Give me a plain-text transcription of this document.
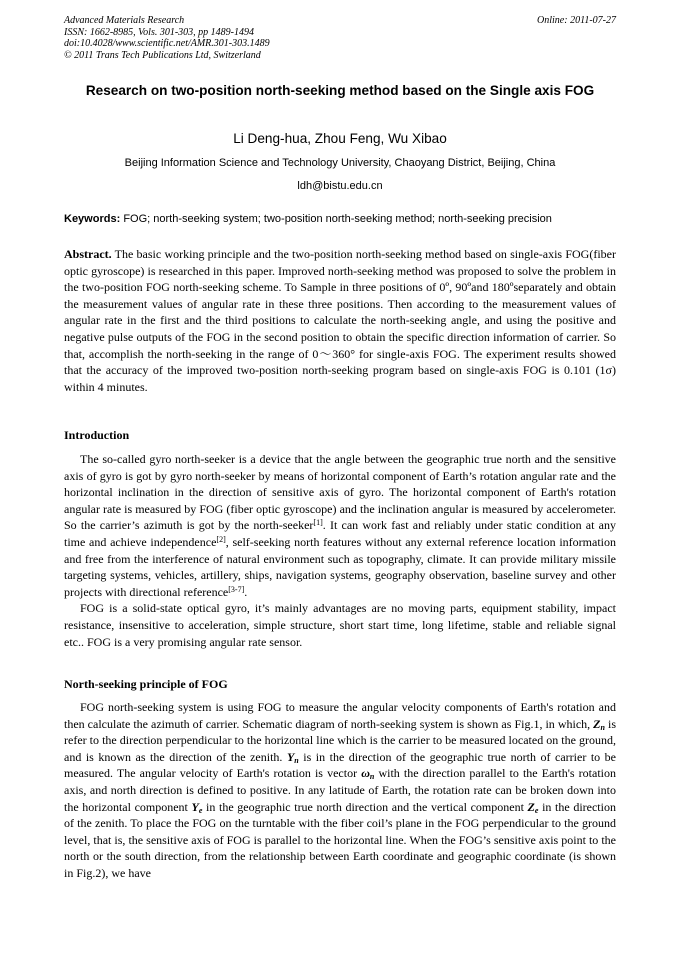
Advanced Materials Research
ISSN: 1662-8985, Vols. 301-303, pp 1489-1494
doi:10.4028/www.scientific.net/AMR.301-303.1489
© 2011 Trans Tech Publications Ltd, Switzerland
Online: 2011-07-27
Research on two-position north-seeking method based on the Single axis FOG
Li Deng-hua, Zhou Feng, Wu Xibao
Beijing Information Science and Technology University, Chaoyang District, Beijing, China
ldh@bistu.edu.cn
Keywords: FOG; north-seeking system; two-position north-seeking method; north-seeking precision
Abstract. The basic working principle and the two-position north-seeking method based on single-axis FOG(fiber optic gyroscope) is researched in this paper. Improved north-seeking method was proposed to solve the problem in the two-position FOG north-seeking scheme. To Sample in three positions of 0º, 90ºand 180ºseparately and obtain the measurement values of angular rate in these three positions. Then according to the measurement values of angular rate in the first and the third positions to calculate the north-seeking angle, and using the positive and negative pulse outputs of the FOG in the second position to obtain the specific direction information of carrier. So that, accomplish the north-seeking in the range of 0～360° for single-axis FOG. The experiment results showed that the accuracy of the improved two-position north-seeking program based on single-axis FOG is 0.101 (1σ) within 4 minutes.
Introduction

The so-called gyro north-seeker is a device that the angle between the geographic true north and the sensitive axis of gyro is got by gyro north-seeker by means of horizontal component of Earth’s rotation angular rate and the horizontal inclination in the direction of sensitive axis of gyro. The horizontal component of Earth's rotation angular rate is measured by FOG (fiber optic gyroscope) and the inclination angular is measured by accelerometer. So the carrier’s azimuth is got by the north-seeker[1]. It can work fast and reliably under static condition at any time and achieve independence[2], self-seeking north features without any external reference location information and free from the interference of natural environment such as topography, climate. It can provide military missile targeting systems, vehicles, artillery, ships, navigation systems, geography observation, baseline survey and other projects with directional reference[3-7].

FOG is a solid-state optical gyro, it’s mainly advantages are no moving parts, equipment stability, impact resistance, insensitive to acceleration, simple structure, short start time, long lifetime, stable and reliable signal etc.. FOG is a very promising angular rate sensor.

North-seeking principle of FOG

FOG north-seeking system is using FOG to measure the angular velocity components of Earth's rotation and then calculate the azimuth of carrier. Schematic diagram of north-seeking system is shown as Fig.1, in which, $Z_n$ is refer to the direction perpendicular to the horizontal line which is the carrier to be measured located on the ground, and is known as the direction of the zenith. $Y_n$ is in the direction of the geographic true north of carrier to be measured. The angular velocity of Earth's rotation is vector $\omega_n$ with the direction parallel to the Earth's rotation axis, and north direction is defined to positive. In any latitude of Earth, the rotation rate can be broken down into the horizontal component $Y_e$ in the geographic true north direction and the vertical component $Z_e$ in the direction of the zenith. To place the FOG on the turntable with the fiber coil’s plane in the FOG perpendicular to the ground level, that is, the sensitive axis of FOG is parallel to the horizontal line. When the FOG’s sensitive axis point to the north or the south direction, from the relationship between Earth coordinate and geographic coordinate (is shown in Fig.2), we have
